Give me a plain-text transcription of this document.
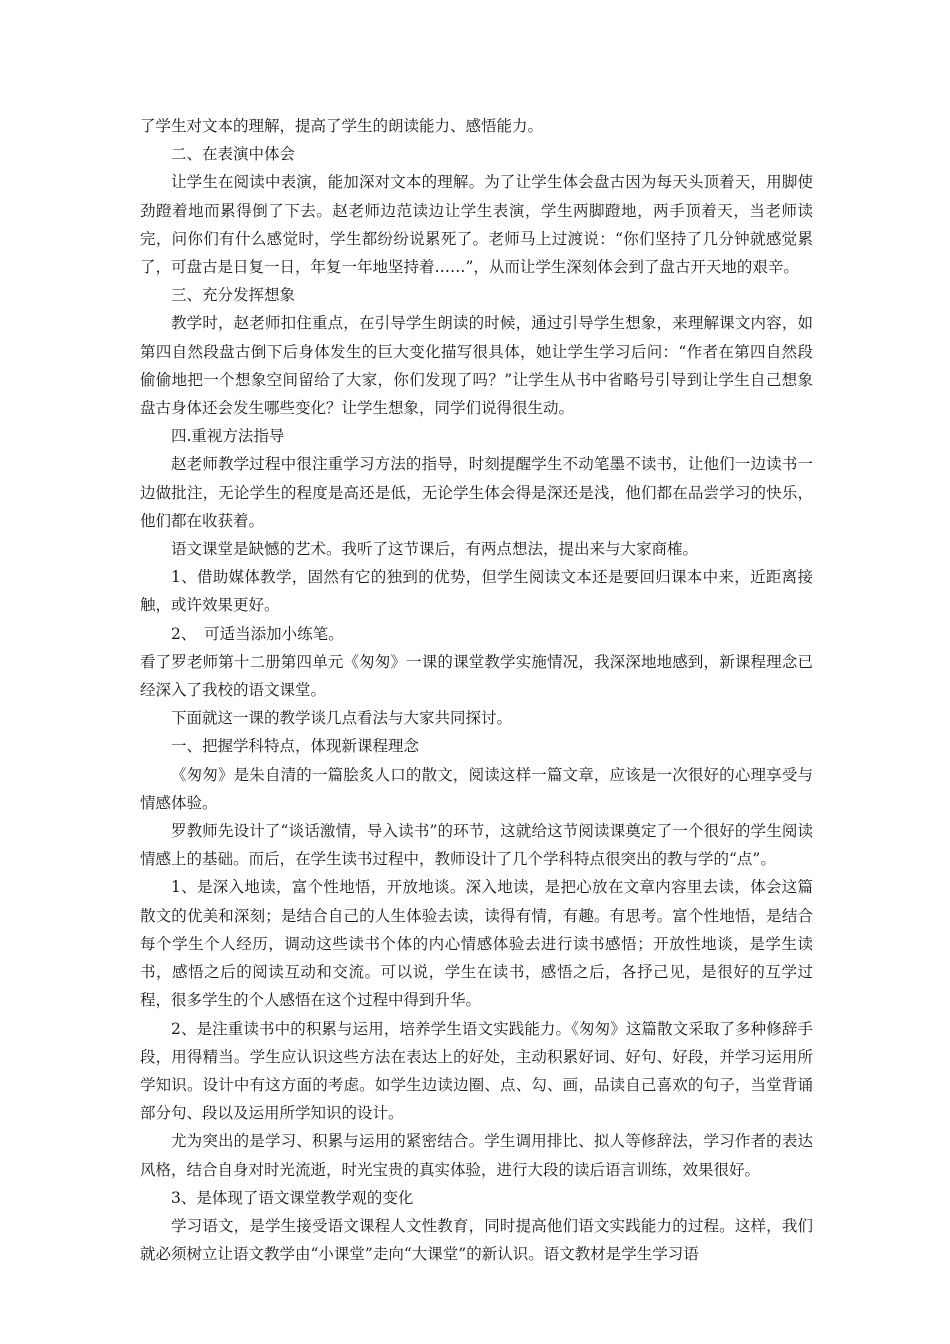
了学生对文本的理解，提高了学生的朗读能力、感悟能力。

二、在表演中体会

让学生在阅读中表演，能加深对文本的理解。为了让学生体会盘古因为每天头顶着天，用脚使劲蹬着地而累得倒了下去。赵老师边范读边让学生表演，学生两脚蹬地，两手顶着天，当老师读完，问你们有什么感觉时，学生都纷纷说累死了。老师马上过渡说：“你们坚持了几分钟就感觉累了，可盘古是日复一日，年复一年地坚持着……”，从而让学生深刻体会到了盘古开天地的艰辛。

三、充分发挥想象

教学时，赵老师扣住重点，在引导学生朗读的时候，通过引导学生想象，来理解课文内容，如第四自然段盘古倒下后身体发生的巨大变化描写很具体，她让学生学习后问：“作者在第四自然段偷偷地把一个想象空间留给了大家，你们发现了吗？”让学生从书中省略号引导到让学生自己想象盘古身体还会发生哪些变化？让学生想象，同学们说得很生动。

四.重视方法指导

赵老师教学过程中很注重学习方法的指导，时刻提醒学生不动笔墨不读书，让他们一边读书一边做批注，无论学生的程度是高还是低，无论学生体会得是深还是浅，他们都在品尝学习的快乐，他们都在收获着。

语文课堂是缺憾的艺术。我听了这节课后，有两点想法，提出来与大家商榷。

1、借助媒体教学，固然有它的独到的优势，但学生阅读文本还是要回归课本中来，近距离接触，或许效果更好。

2、　可适当添加小练笔。

看了罗老师第十二册第四单元《匆匆》一课的课堂教学实施情况，我深深地地感到，新课程理念已经深入了我校的语文课堂。

下面就这一课的教学谈几点看法与大家共同探讨。

一、把握学科特点，体现新课程理念

《匆匆》是朱自清的一篇脍炙人口的散文，阅读这样一篇文章，应该是一次很好的心理享受与情感体验。

罗教师先设计了“谈话激情，导入读书”的环节，这就给这节阅读课奠定了一个很好的学生阅读情感上的基础。而后，在学生读书过程中，教师设计了几个学科特点很突出的教与学的“点”。

1、是深入地读，富个性地悟，开放地谈。深入地读，是把心放在文章内容里去读，体会这篇散文的优美和深刻；是结合自己的人生体验去读，读得有情，有趣。有思考。富个性地悟，是结合每个学生个人经历，调动这些读书个体的内心情感体验去进行读书感悟；开放性地谈，是学生读书，感悟之后的阅读互动和交流。可以说，学生在读书，感悟之后，各抒己见，是很好的互学过程，很多学生的个人感悟在这个过程中得到升华。

2、是注重读书中的积累与运用，培养学生语文实践能力。《匆匆》这篇散文采取了多种修辞手段，用得精当。学生应认识这些方法在表达上的好处，主动积累好词、好句、好段，并学习运用所学知识。设计中有这方面的考虑。如学生边读边圈、点、勾、画，品读自己喜欢的句子，当堂背诵部分句、段以及运用所学知识的设计。

尤为突出的是学习、积累与运用的紧密结合。学生调用排比、拟人等修辞法，学习作者的表达风格，结合自身对时光流逝，时光宝贵的真实体验，进行大段的读后语言训练，效果很好。

3、是体现了语文课堂教学观的变化

学习语文，是学生接受语文课程人文性教育，同时提高他们语文实践能力的过程。这样，我们就必须树立让语文教学由“小课堂”走向“大课堂”的新认识。语文教材是学生学习语
